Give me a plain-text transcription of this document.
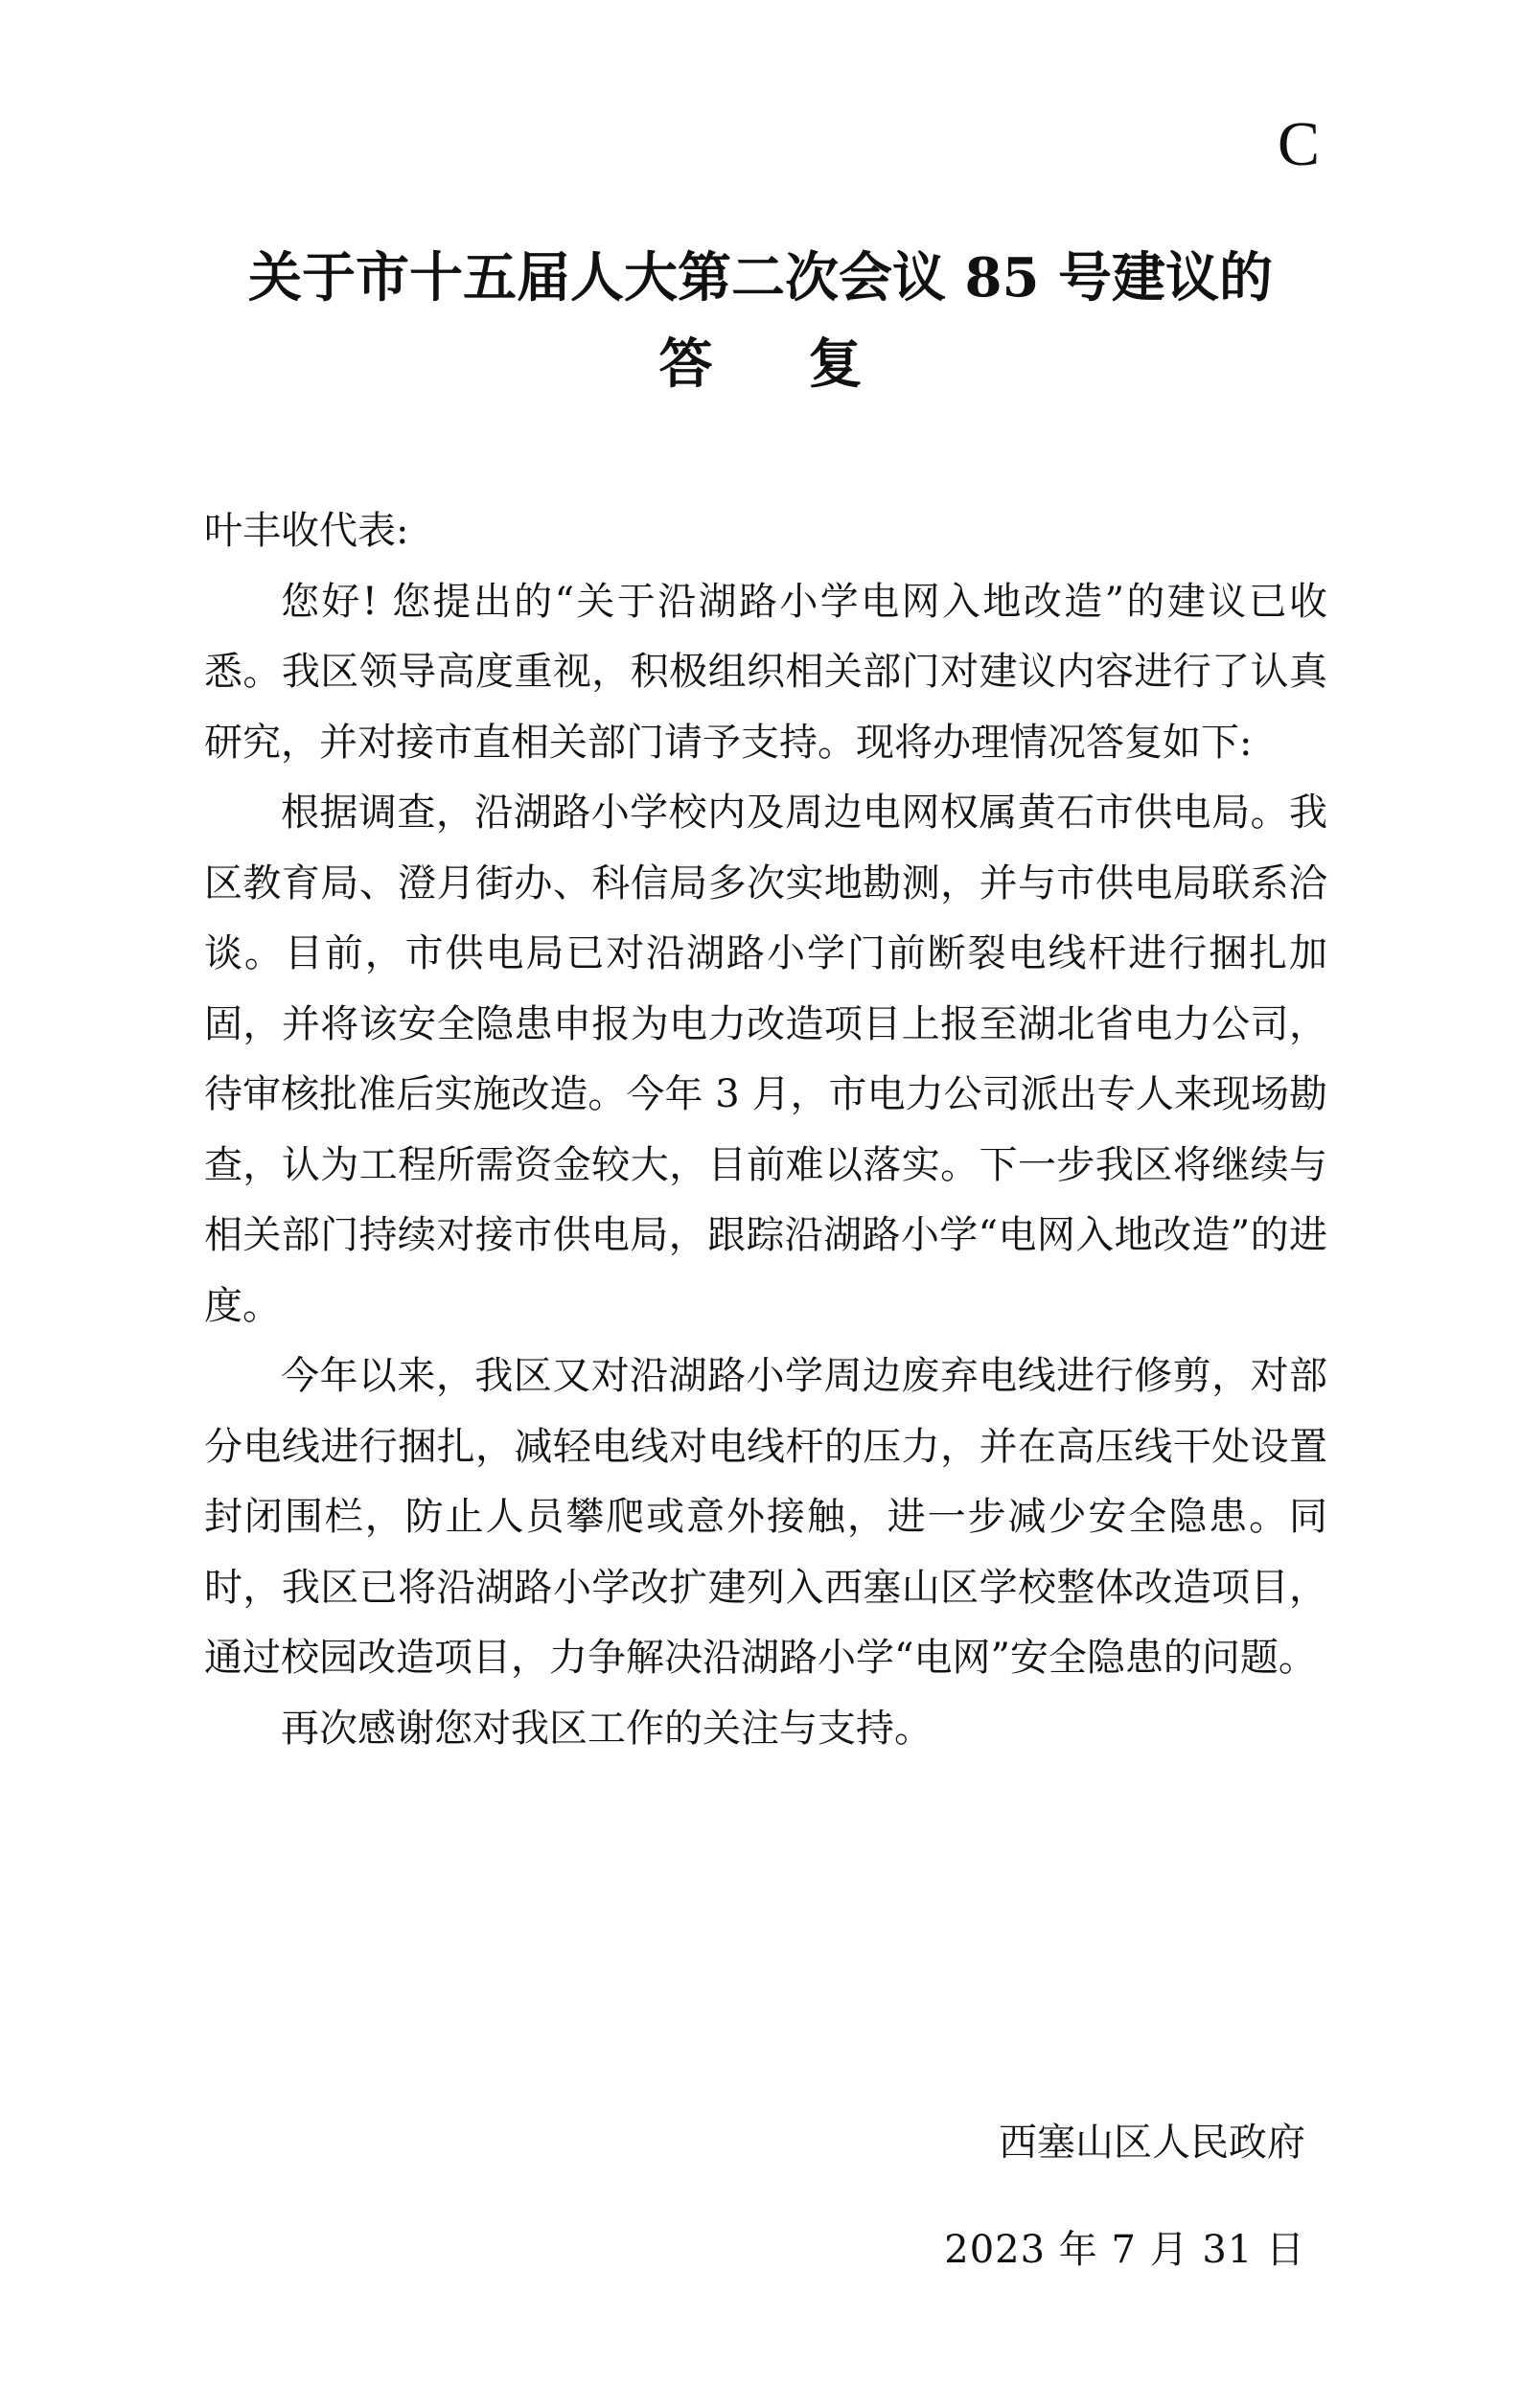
C
关于市十五届人大第二次会议 85 号建议的
答复

叶丰收代表:

您好! 您提出的“关于沿湖路小学电网入地改造”的建议已收悉。我区领导高度重视，积极组织相关部门对建议内容进行了认真研究，并对接市直相关部门请予支持。现将办理情况答复如下:

根据调查，沿湖路小学校内及周边电网权属黄石市供电局。我区教育局、澄月街办、科信局多次实地勘测，并与市供电局联系洽谈。目前，市供电局已对沿湖路小学门前断裂电线杆进行捆扎加固，并将该安全隐患申报为电力改造项目上报至湖北省电力公司，待审核批准后实施改造。今年 3 月，市电力公司派出专人来现场勘查，认为工程所需资金较大，目前难以落实。下一步我区将继续与相关部门持续对接市供电局，跟踪沿湖路小学“电网入地改造”的进度。

今年以来，我区又对沿湖路小学周边废弃电线进行修剪，对部分电线进行捆扎，减轻电线对电线杆的压力，并在高压线干处设置封闭围栏，防止人员攀爬或意外接触，进一步减少安全隐患。同时，我区已将沿湖路小学改扩建列入西塞山区学校整体改造项目，通过校园改造项目，力争解决沿湖路小学“电网”安全隐患的问题。

再次感谢您对我区工作的关注与支持。

西塞山区人民政府
2023 年 7 月 31 日
